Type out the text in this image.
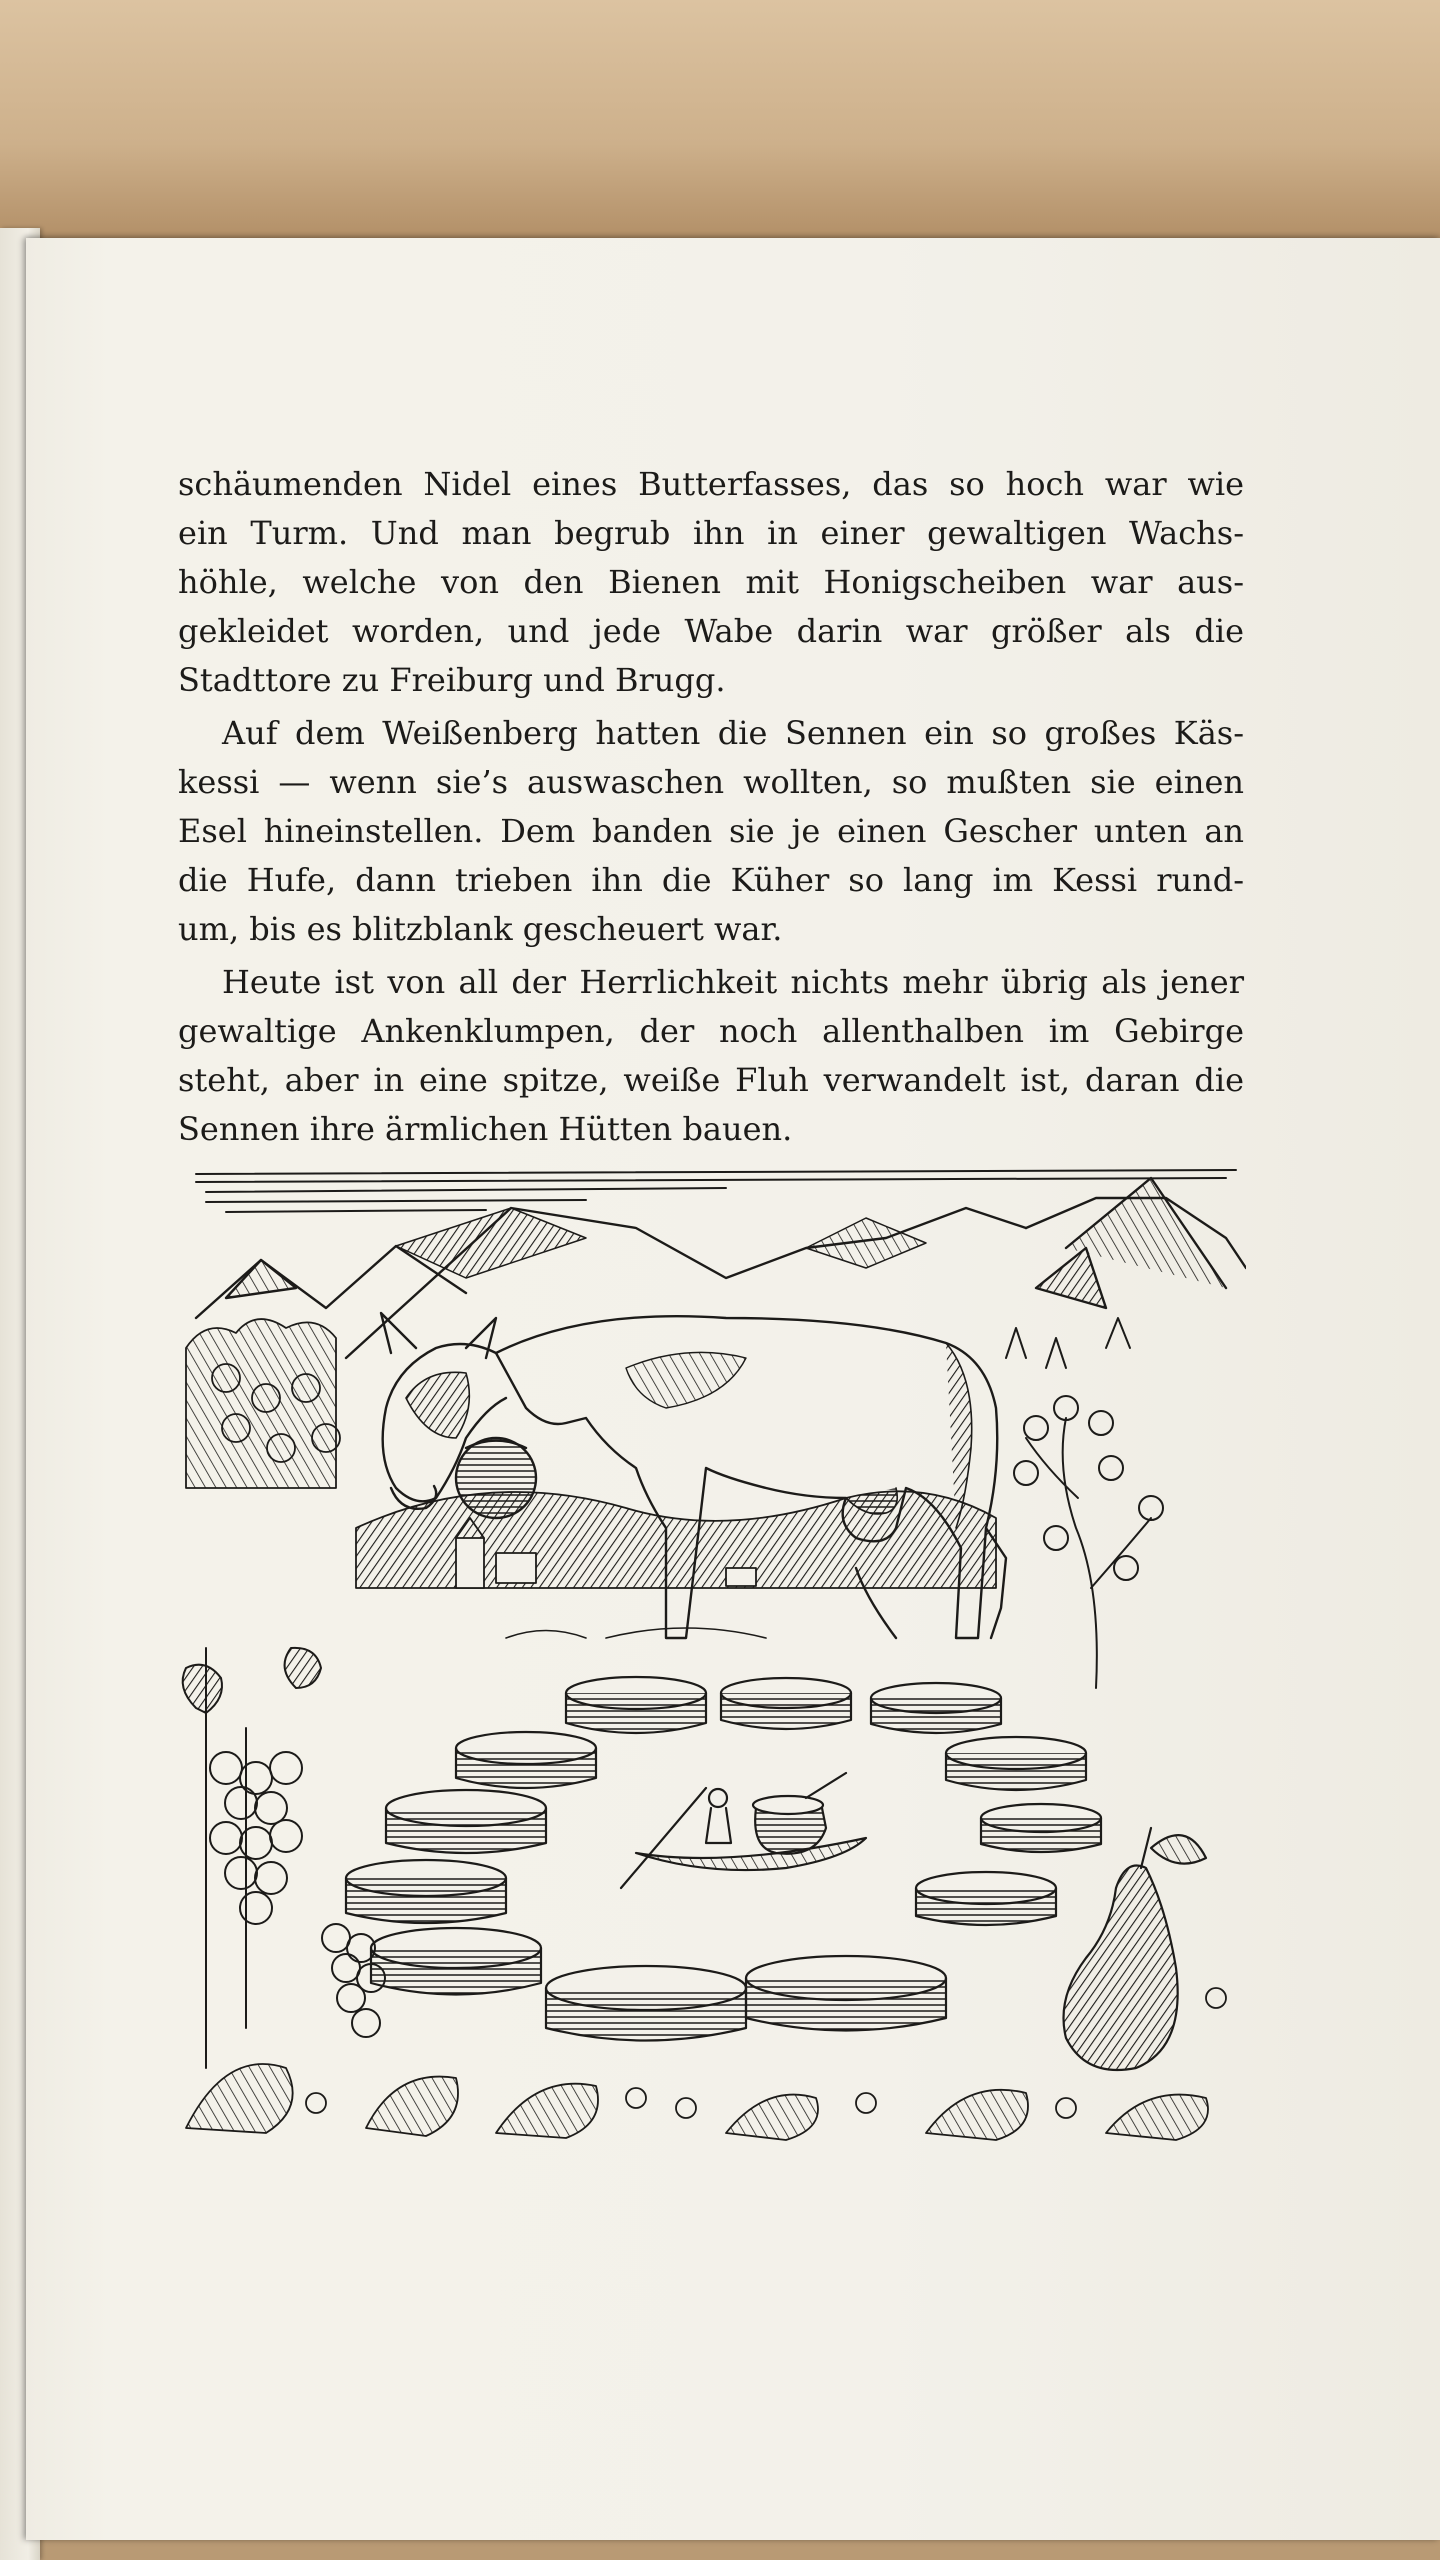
schäumenden Nidel eines Butterfasses, das so hoch war wie
ein Turm. Und man begrub ihn in einer gewaltigen Wachs-
höhle, welche von den Bienen mit Honigscheiben war aus-
gekleidet worden, und jede Wabe darin war größer als die
Stadttore zu Freiburg und Brugg.
Auf dem Weißenberg hatten die Sennen ein so großes Käs-
kessi — wenn sie’s auswaschen wollten, so mußten sie einen
Esel hineinstellen. Dem banden sie je einen Gescher unten an
die Hufe, dann trieben ihn die Küher so lang im Kessi rund-
um, bis es blitzblank gescheuert war.
Heute ist von all der Herrlichkeit nichts mehr übrig als jener
gewaltige Ankenklumpen, der noch allenthalben im Gebirge
steht, aber in eine spitze, weiße Fluh verwandelt ist, daran die
Sennen ihre ärmlichen Hütten bauen.
